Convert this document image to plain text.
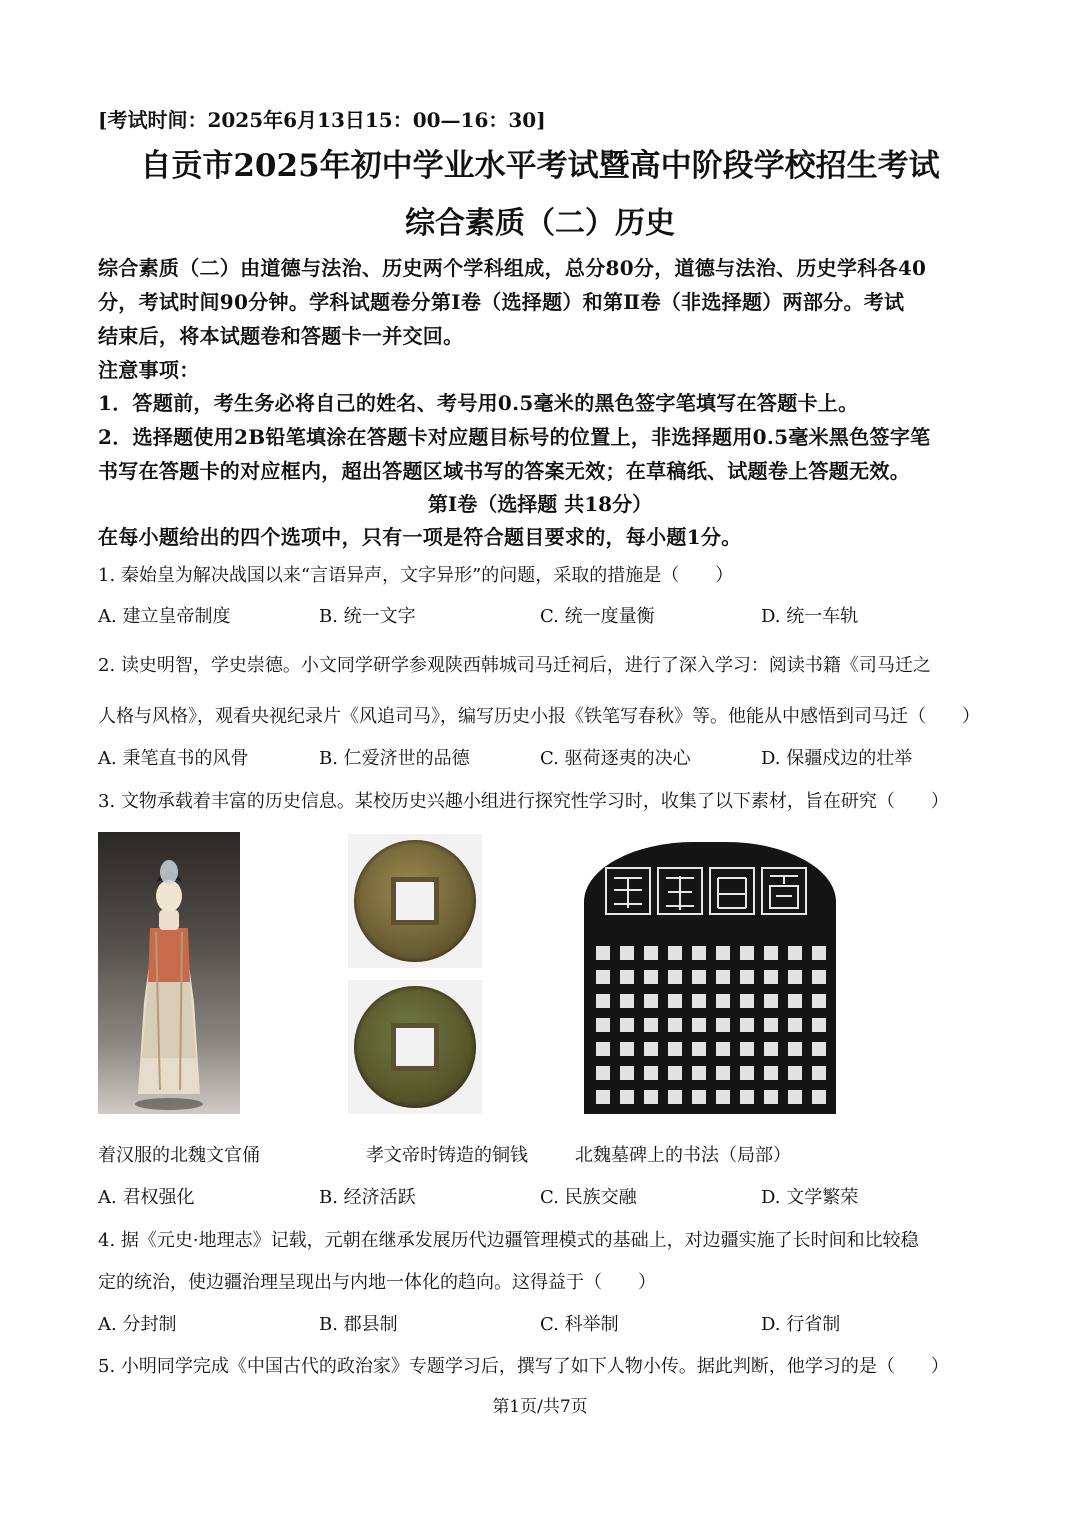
[考试时间：2025年6月13日15：00—16：30]
自贡市2025年初中学业水平考试暨高中阶段学校招生考试
综合素质（二）历史
综合素质（二）由道德与法治、历史两个学科组成，总分80分，道德与法治、历史学科各40
分，考试时间90分钟。学科试题卷分第Ⅰ卷（选择题）和第Ⅱ卷（非选择题）两部分。考试
结束后，将本试题卷和答题卡一并交回。
注意事项：
1．答题前，考生务必将自己的姓名、考号用0.5毫米的黑色签字笔填写在答题卡上。
2．选择题使用2B铅笔填涂在答题卡对应题目标号的位置上，非选择题用0.5毫米黑色签字笔
书写在答题卡的对应框内，超出答题区域书写的答案无效；在草稿纸、试题卷上答题无效。
第Ⅰ卷（选择题 共18分）
在每小题给出的四个选项中，只有一项是符合题目要求的，每小题1分。
1. 秦始皇为解决战国以来“言语异声，文字异形”的问题，采取的措施是（　　）
A. 建立皇帝制度	B. 统一文字	C. 统一度量衡	D. 统一车轨
2. 读史明智，学史崇德。小文同学研学参观陕西韩城司马迁祠后，进行了深入学习：阅读书籍《司马迁之
人格与风格》，观看央视纪录片《风追司马》，编写历史小报《铁笔写春秋》等。他能从中感悟到司马迁（　　）
A. 秉笔直书的风骨	B. 仁爱济世的品德	C. 驱荷逐夷的决心	D. 保疆戍边的壮举
3. 文物承载着丰富的历史信息。某校历史兴趣小组进行探究性学习时，收集了以下素材，旨在研究（　　）
着汉服的北魏文官俑	孝文帝时铸造的铜钱	北魏墓碑上的书法（局部）
A. 君权强化	B. 经济活跃	C. 民族交融	D. 文学繁荣
4. 据《元史·地理志》记载，元朝在继承发展历代边疆管理模式的基础上，对边疆实施了长时间和比较稳
定的统治，使边疆治理呈现出与内地一体化的趋向。这得益于（　　）
A. 分封制	B. 郡县制	C. 科举制	D. 行省制
5. 小明同学完成《中国古代的政治家》专题学习后，撰写了如下人物小传。据此判断，他学习的是（　　）
第1页/共7页
